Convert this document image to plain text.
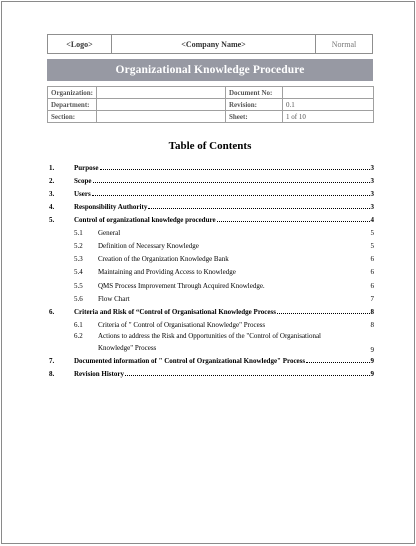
<Logo>	<Company Name>	Normal
Organizational Knowledge Procedure
Organization:		Document No:	
Department:		Revision:	0.1
Section:		Sheet:	1 of 10
Table of Contents
1.	Purpose	3
2.	Scope	3
3.	Users	3
4.	Responsibility Authority	3
5.	Control of organizational knowledge procedure	4
5.1 General	5
5.2 Definition of Necessary Knowledge	5
5.3 Creation of the Organization Knowledge Bank	6
5.4 Maintaining and Providing Access to Knowledge	6
5.5 QMS Process Improvement Through Acquired Knowledge.	6
5.6 Flow Chart	7
6.	Criteria and Risk of “Control of Organisational Knowledge Process	8
6.1 Criteria of " Control of Organisational Knowledge" Process	8
6.2 Actions to address the Risk and Opportunities of the "Control of Organisational
Knowledge" Process	9
7.	Documented information of " Control of Organizational Knowledge" Process	9
8.	Revision History	9
